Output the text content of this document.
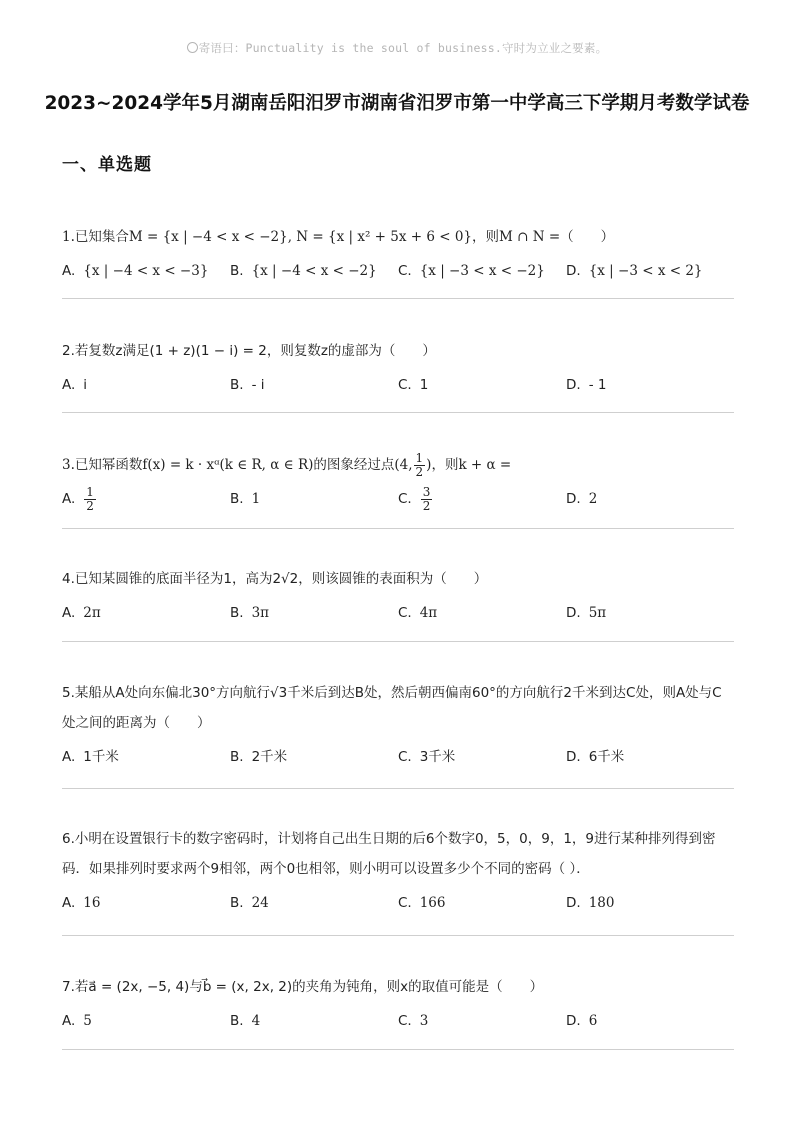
寄语曰：Punctuality is the soul of business.守时为立业之要素。
2023~2024学年5月湖南岳阳汨罗市湖南省汨罗市第一中学高三下学期月考数学试卷
一、单选题
1.已知集合M = {x | −4 < x < −2}, N = {x | x² + 5x + 6 < 0}，则M ∩ N =（　　）
A. {x | −4 < x < −3} B. {x | −4 < x < −2} C. {x | −3 < x < −2} D. {x | −3 < x < 2}
2.若复数z满足(1 + z)(1 − i) = 2，则复数z的虚部为（　　）
A. i	B. - i	C. 1	D. - 1
3.已知幂函数f(x) = k · xᵅ(k ∈ R, α ∈ R)的图象经过点(4, $\frac{1}{2}$ )，则k + α =
A. $\frac{1}{2}$	B. 1	C. $\frac{3}{2}$	D. 2
4.已知某圆锥的底面半径为1，高为2√2，则该圆锥的表面积为（　　）
A. 2π	B. 3π	C. 4π	D. 5π
5.某船从A处向东偏北30°方向航行√3千米后到达B处，然后朝西偏南60°的方向航行2千米到达C处，则A处与C处之间的距离为（　　）
A. 1千米	B. 2千米	C. 3千米	D. 6千米
6.小明在设置银行卡的数字密码时，计划将自己出生日期的后6个数字0，5，0，9，1，9进行某种排列得到密码．如果排列时要求两个9相邻，两个0也相邻，则小明可以设置多少个不同的密码（ ）．
A. 16	B. 24	C. 166	D. 180
7.若a⃗ = (2x, −5, 4)与b⃗ = (x, 2x, 2)的夹角为钝角，则x的取值可能是（　　）
A. 5	B. 4	C. 3	D. 6
